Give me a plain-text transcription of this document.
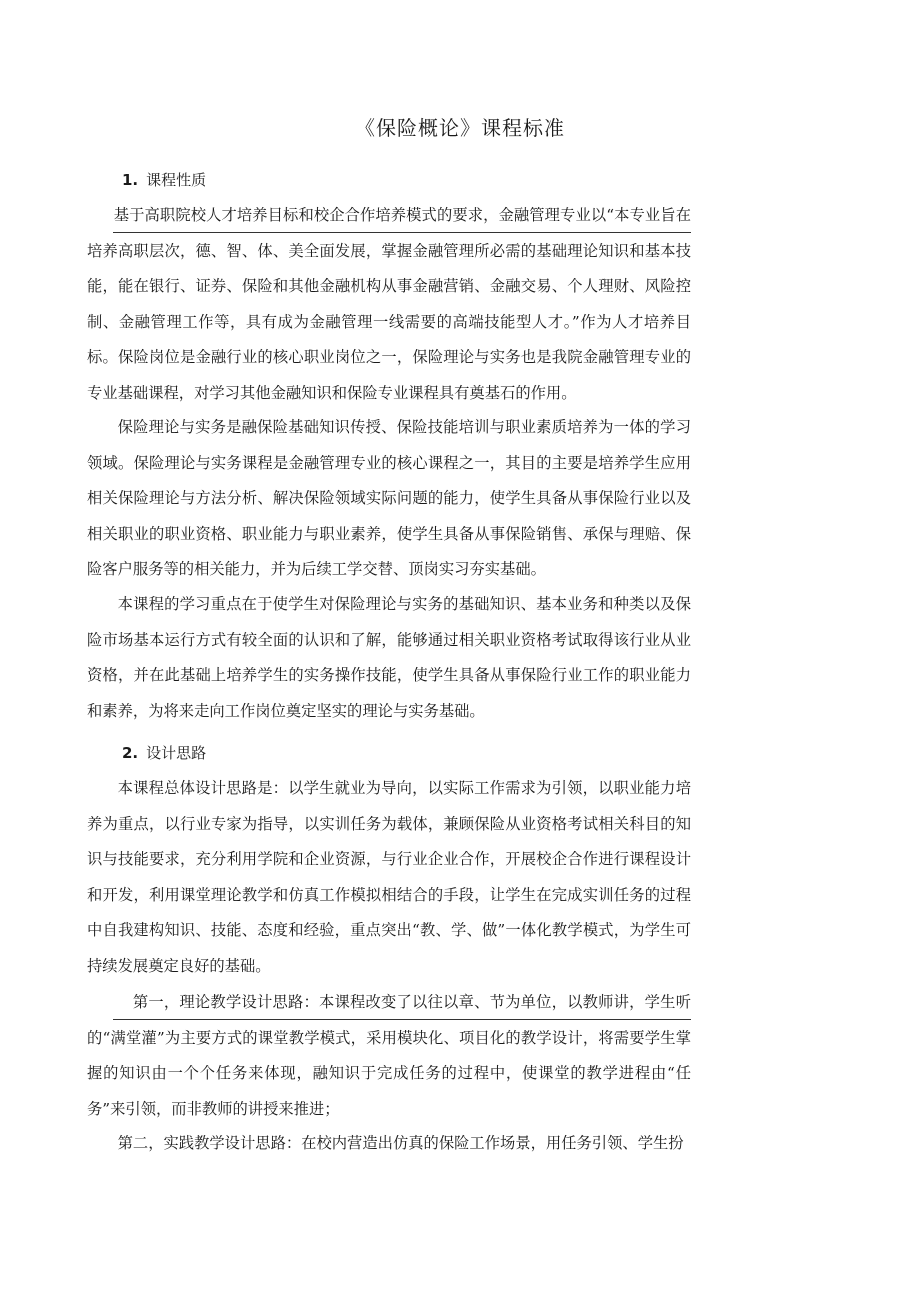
《保险概论》课程标准
1. 课程性质

基于高职院校人才培养目标和校企合作培养模式的要求，金融管理专业以“本专业旨在培养高职层次，德、智、体、美全面发展，掌握金融管理所必需的基础理论知识和基本技能，能在银行、证券、保险和其他金融机构从事金融营销、金融交易、个人理财、风险控制、金融管理工作等，具有成为金融管理一线需要的高端技能型人才。”作为人才培养目标。保险岗位是金融行业的核心职业岗位之一，保险理论与实务也是我院金融管理专业的专业基础课程，对学习其他金融知识和保险专业课程具有奠基石的作用。

保险理论与实务是融保险基础知识传授、保险技能培训与职业素质培养为一体的学习领域。保险理论与实务课程是金融管理专业的核心课程之一，其目的主要是培养学生应用相关保险理论与方法分析、解决保险领域实际问题的能力，使学生具备从事保险行业以及相关职业的职业资格、职业能力与职业素养，使学生具备从事保险销售、承保与理赔、保险客户服务等的相关能力，并为后续工学交替、顶岗实习夯实基础。

本课程的学习重点在于使学生对保险理论与实务的基础知识、基本业务和种类以及保险市场基本运行方式有较全面的认识和了解，能够通过相关职业资格考试取得该行业从业资格，并在此基础上培养学生的实务操作技能，使学生具备从事保险行业工作的职业能力和素养，为将来走向工作岗位奠定坚实的理论与实务基础。

2. 设计思路

本课程总体设计思路是：以学生就业为导向，以实际工作需求为引领，以职业能力培养为重点，以行业专家为指导，以实训任务为载体，兼顾保险从业资格考试相关科目的知识与技能要求，充分利用学院和企业资源，与行业企业合作，开展校企合作进行课程设计和开发，利用课堂理论教学和仿真工作模拟相结合的手段，让学生在完成实训任务的过程中自我建构知识、技能、态度和经验，重点突出“教、学、做”一体化教学模式，为学生可持续发展奠定良好的基础。

第一，理论教学设计思路：本课程改变了以往以章、节为单位，以教师讲，学生听的“满堂灌”为主要方式的课堂教学模式，采用模块化、项目化的教学设计，将需要学生掌握的知识由一个个任务来体现，融知识于完成任务的过程中，使课堂的教学进程由“任务”来引领，而非教师的讲授来推进；

第二，实践教学设计思路：在校内营造出仿真的保险工作场景，用任务引领、学生扮
